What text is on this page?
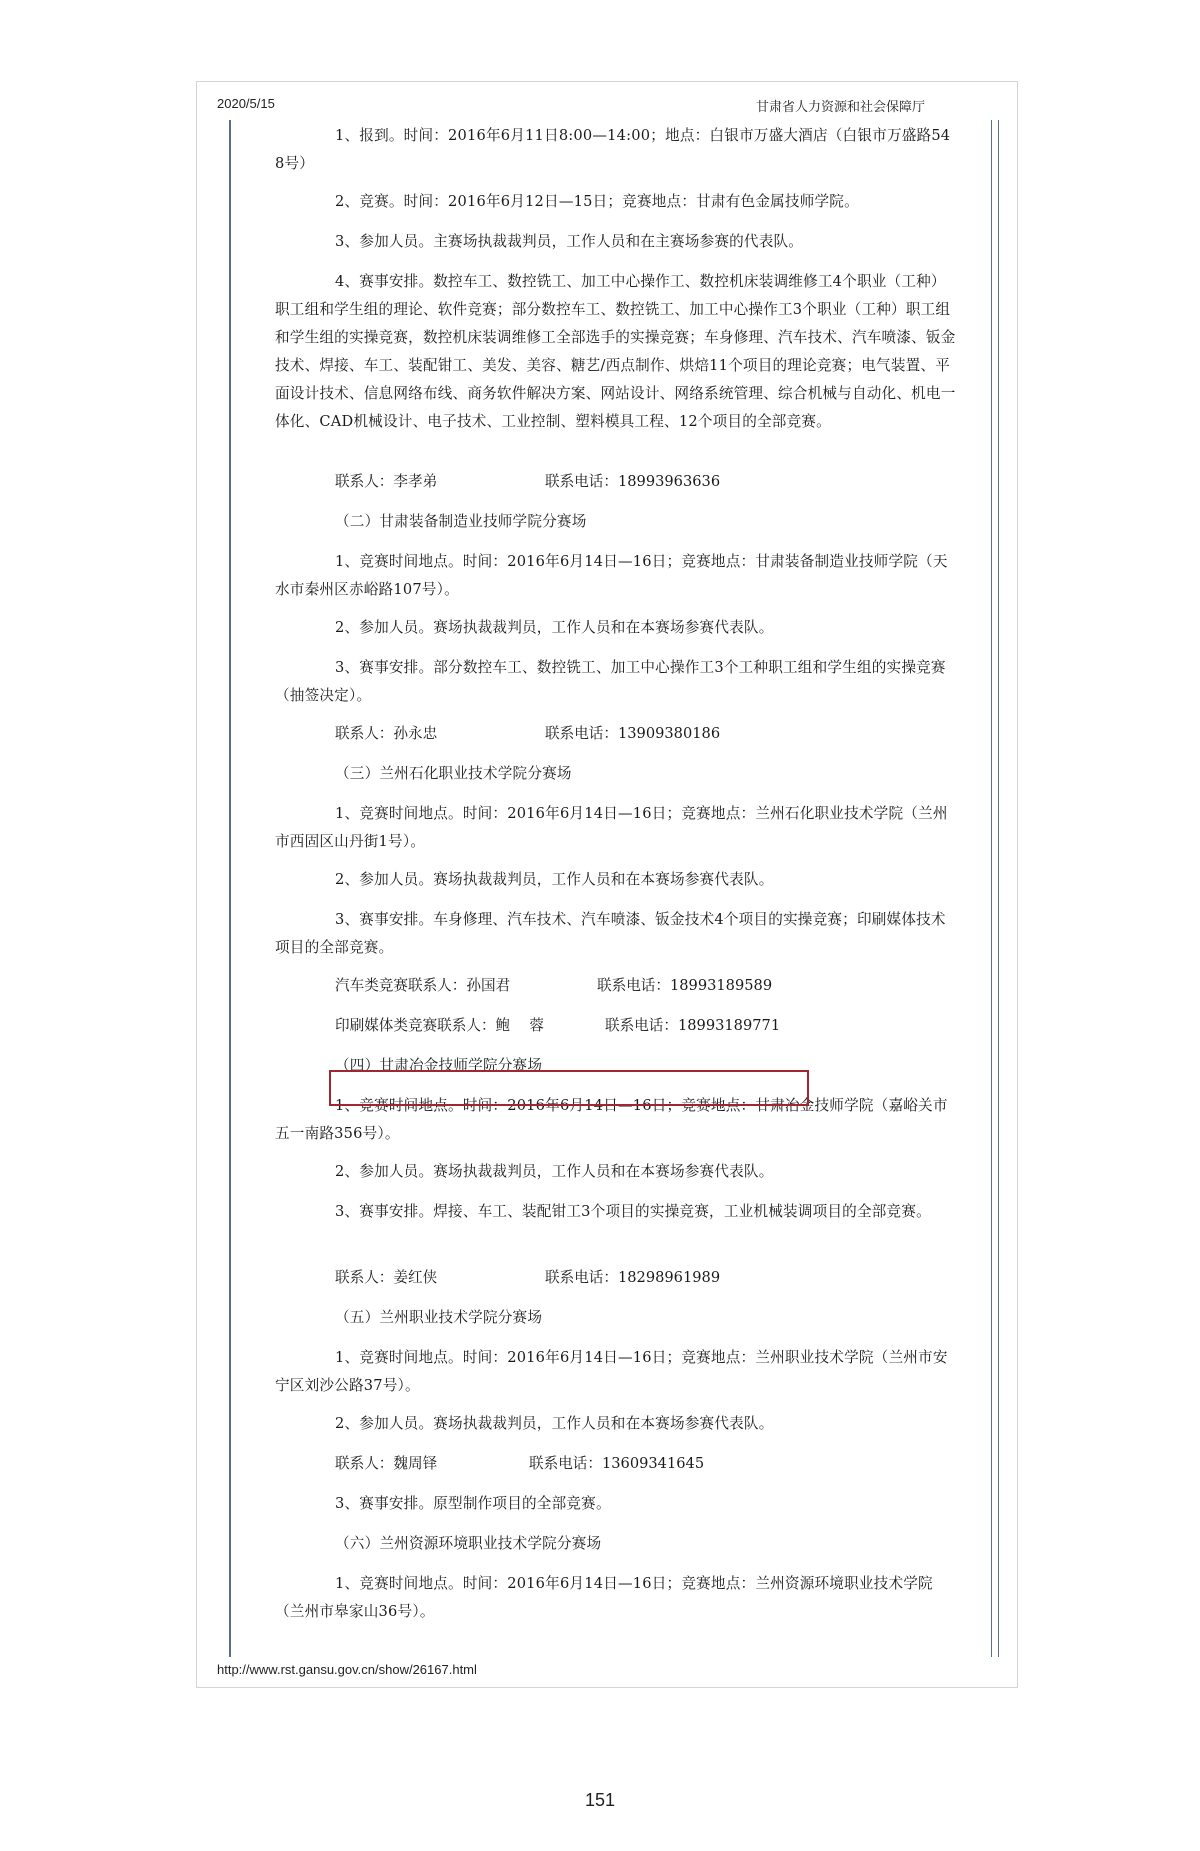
2020/5/15	甘肃省人力资源和社会保障厅
1、报到。时间：2016年6月11日8:00—14:00；地点：白银市万盛大酒店（白银市万盛路548号）
2、竞赛。时间：2016年6月12日—15日；竞赛地点：甘肃有色金属技师学院。
3、参加人员。主赛场执裁裁判员，工作人员和在主赛场参赛的代表队。
4、赛事安排。数控车工、数控铣工、加工中心操作工、数控机床装调维修工4个职业（工种）职工组和学生组的理论、软件竞赛；部分数控车工、数控铣工、加工中心操作工3个职业（工种）职工组和学生组的实操竞赛，数控机床装调维修工全部选手的实操竞赛；车身修理、汽车技术、汽车喷漆、钣金技术、焊接、车工、装配钳工、美发、美容、糖艺/西点制作、烘焙11个项目的理论竞赛；电气装置、平面设计技术、信息网络布线、商务软件解决方案、网站设计、网络系统管理、综合机械与自动化、机电一体化、CAD机械设计、电子技术、工业控制、塑料模具工程、12个项目的全部竞赛。
联系人：李孝弟	联系电话：18993963636
（二）甘肃装备制造业技师学院分赛场
1、竞赛时间地点。时间：2016年6月14日—16日；竞赛地点：甘肃装备制造业技师学院（天水市秦州区赤峪路107号）。
2、参加人员。赛场执裁裁判员，工作人员和在本赛场参赛代表队。
3、赛事安排。部分数控车工、数控铣工、加工中心操作工3个工种职工组和学生组的实操竞赛（抽签决定）。
联系人：孙永忠	联系电话：13909380186
（三）兰州石化职业技术学院分赛场
1、竞赛时间地点。时间：2016年6月14日—16日；竞赛地点：兰州石化职业技术学院（兰州市西固区山丹街1号）。
2、参加人员。赛场执裁裁判员，工作人员和在本赛场参赛代表队。
3、赛事安排。车身修理、汽车技术、汽车喷漆、钣金技术4个项目的实操竞赛；印刷媒体技术项目的全部竞赛。
汽车类竞赛联系人：孙国君	联系电话：18993189589
印刷媒体类竞赛联系人：鲍　 蓉	联系电话：18993189771
（四）甘肃冶金技师学院分赛场
1、竞赛时间地点。时间：2016年6月14日—16日；竞赛地点：甘肃冶金技师学院（嘉峪关市五一南路356号）。
2、参加人员。赛场执裁裁判员，工作人员和在本赛场参赛代表队。
3、赛事安排。焊接、车工、装配钳工3个项目的实操竞赛，工业机械装调项目的全部竞赛。
联系人：姜红侠	联系电话：18298961989
（五）兰州职业技术学院分赛场
1、竞赛时间地点。时间：2016年6月14日—16日；竞赛地点：兰州职业技术学院（兰州市安宁区刘沙公路37号）。
2、参加人员。赛场执裁裁判员，工作人员和在本赛场参赛代表队。
联系人：魏周铎	联系电话：13609341645
3、赛事安排。原型制作项目的全部竞赛。
（六）兰州资源环境职业技术学院分赛场
1、竞赛时间地点。时间：2016年6月14日—16日；竞赛地点：兰州资源环境职业技术学院（兰州市皋家山36号）。
http://www.rst.gansu.gov.cn/show/26167.html
151
